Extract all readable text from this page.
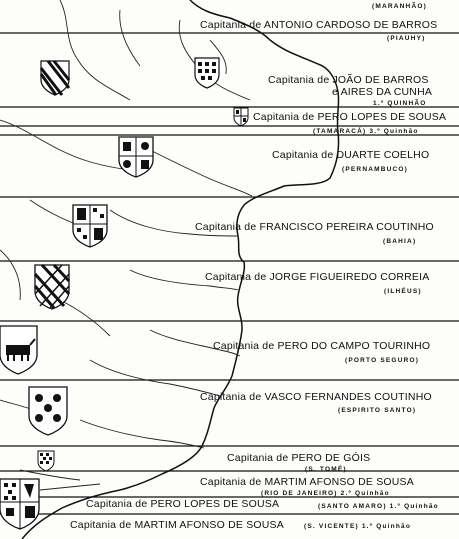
(MARANHÃO)
Capitania de ANTONIO CARDOSO DE BARROS
(PIAUHY)
Capitania de JOÃO DE BARROS
e AIRES DA CUNHA
1.º QUINHÃO
Capitania de PERO LOPES DE SOUSA
(TAMARACÁ) 3.º Quinhão
Capitania de DUARTE COELHO
(PERNAMBUCO)
Capitania de FRANCISCO PEREIRA COUTINHO
(BAHIA)
Capitania de JORGE FIGUEIREDO CORREIA
(ILHÉUS)
Capitania de PERO DO CAMPO TOURINHO
(PORTO SEGURO)
Capitania de VASCO FERNANDES COUTINHO
(ESPIRITO SANTO)
Capitania de PERO DE GÓIS
(S. TOMÉ)
Capitania de MARTIM AFONSO DE SOUSA
(RIO DE JANEIRO) 2.º Quinhão
Capitania de PERO LOPES DE SOUSA	(SANTO AMARO) 1.º Quinhão
Capitania de MARTIM AFONSO DE SOUSA	(S. VICENTE) 1.º Quinhão
